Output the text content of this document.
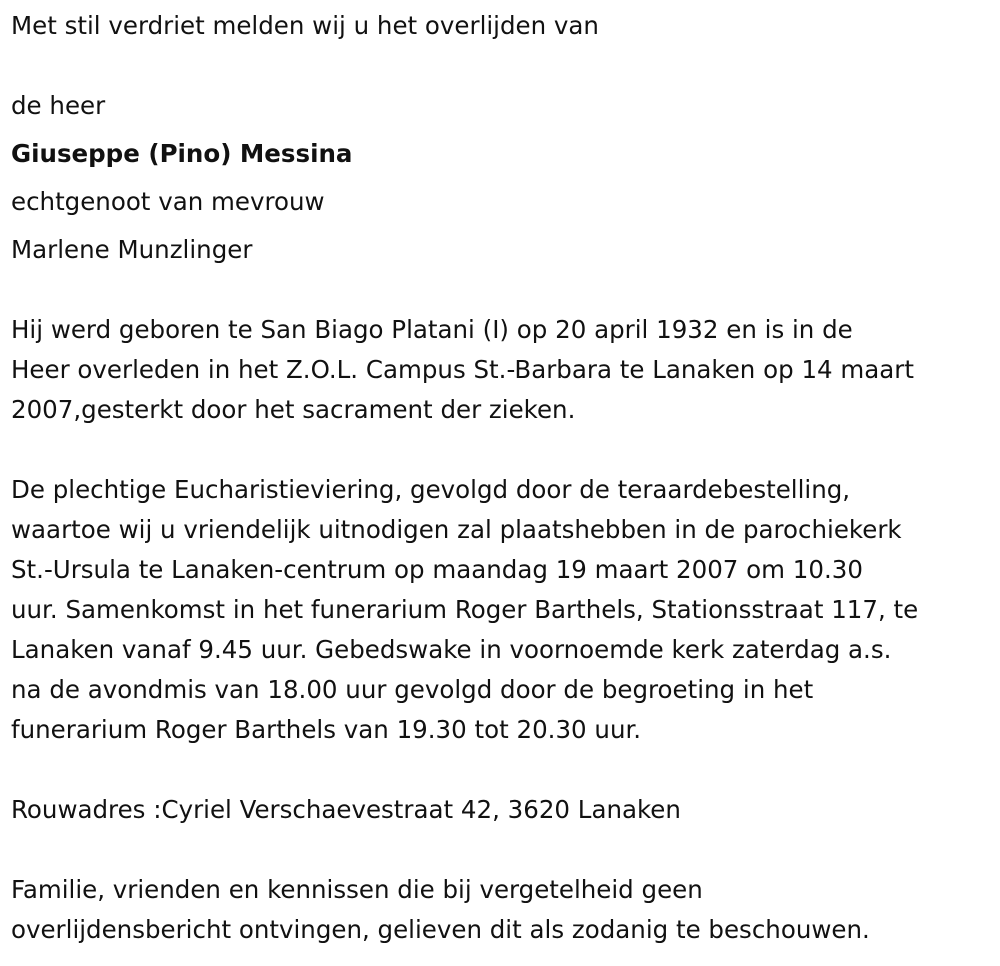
Met stil verdriet melden wij u het overlijden van
de heer
Giuseppe (Pino) Messina
echtgenoot van mevrouw
Marlene Munzlinger
Hij werd geboren te San Biago Platani (I) op 20 april 1932 en is in de
Heer overleden in het Z.O.L. Campus St.-Barbara te Lanaken op 14 maart
2007,gesterkt door het sacrament der zieken.
De plechtige Eucharistieviering, gevolgd door de teraardebestelling,
waartoe wij u vriendelijk uitnodigen zal plaatshebben in de parochiekerk
St.-Ursula te Lanaken-centrum op maandag 19 maart 2007 om 10.30
uur. Samenkomst in het funerarium Roger Barthels, Stationsstraat 117, te
Lanaken vanaf 9.45 uur. Gebedswake in voornoemde kerk zaterdag a.s.
na de avondmis van 18.00 uur gevolgd door de begroeting in het
funerarium Roger Barthels van 19.30 tot 20.30 uur.
Rouwadres :Cyriel Verschaevestraat 42, 3620 Lanaken
Familie, vrienden en kennissen die bij vergetelheid geen
overlijdensbericht ontvingen, gelieven dit als zodanig te beschouwen.
